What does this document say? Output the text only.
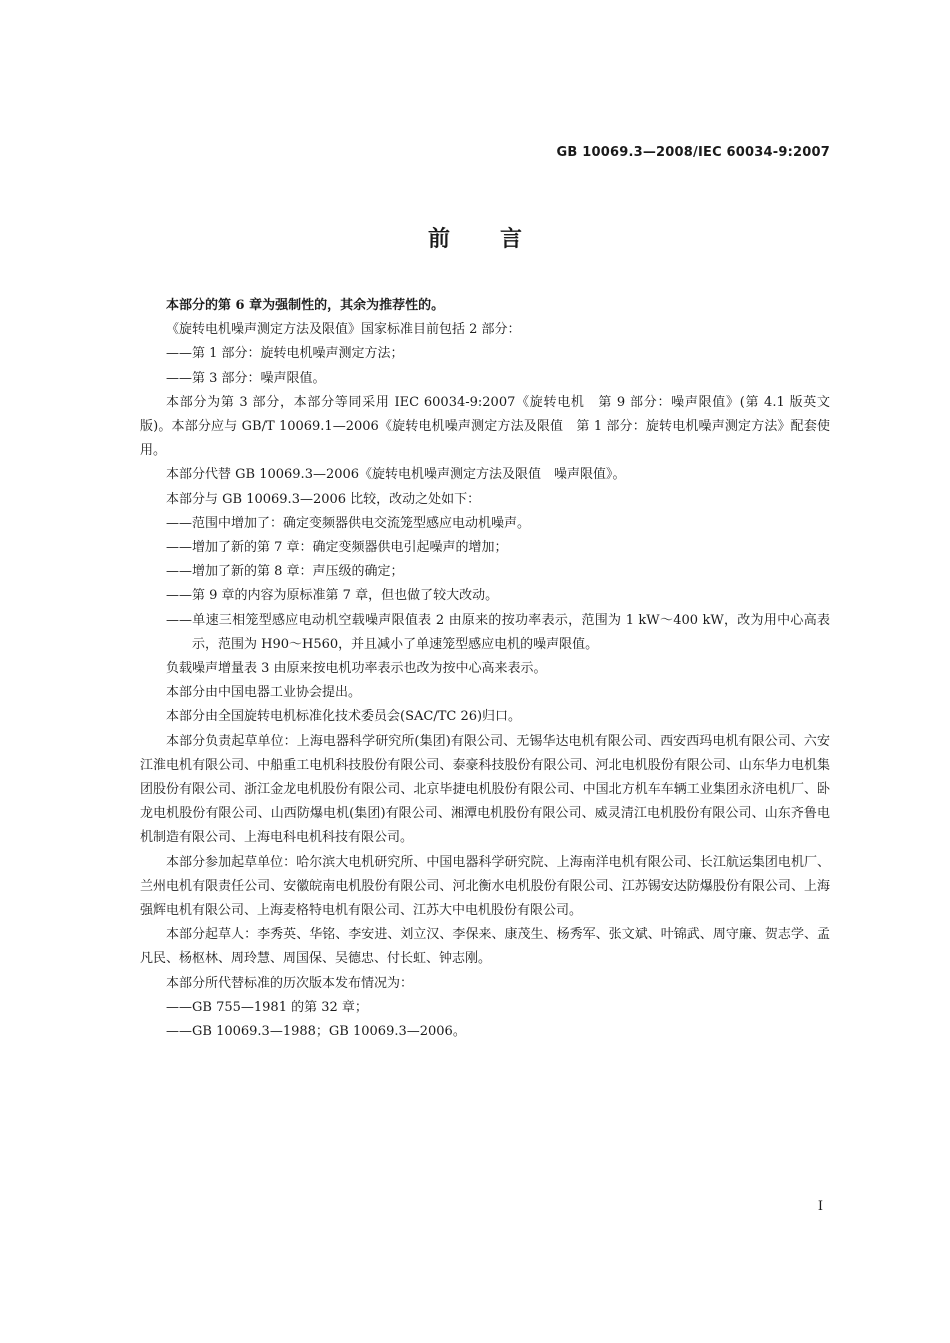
GB 10069.3—2008/IEC 60034-9:2007
前言

本部分的第 6 章为强制性的，其余为推荐性的。

《旋转电机噪声测定方法及限值》国家标准目前包括 2 部分：

——第 1 部分：旋转电机噪声测定方法；

——第 3 部分：噪声限值。

本部分为第 3 部分，本部分等同采用 IEC 60034-9:2007《旋转电机　第 9 部分：噪声限值》(第 4.1 版英文版)。本部分应与 GB/T 10069.1—2006《旋转电机噪声测定方法及限值　第 1 部分：旋转电机噪声测定方法》配套使用。

本部分代替 GB 10069.3—2006《旋转电机噪声测定方法及限值　噪声限值》。

本部分与 GB 10069.3—2006 比较，改动之处如下：

——范围中增加了：确定变频器供电交流笼型感应电动机噪声。

——增加了新的第 7 章：确定变频器供电引起噪声的增加；

——增加了新的第 8 章：声压级的确定；

——第 9 章的内容为原标准第 7 章，但也做了较大改动。

——单速三相笼型感应电动机空载噪声限值表 2 由原来的按功率表示，范围为 1 kW～400 kW，改为用中心高表示，范围为 H90～H560，并且减小了单速笼型感应电机的噪声限值。

负载噪声增量表 3 由原来按电机功率表示也改为按中心高来表示。

本部分由中国电器工业协会提出。

本部分由全国旋转电机标准化技术委员会(SAC/TC 26)归口。

本部分负责起草单位：上海电器科学研究所(集团)有限公司、无锡华达电机有限公司、西安西玛电机有限公司、六安江淮电机有限公司、中船重工电机科技股份有限公司、泰豪科技股份有限公司、河北电机股份有限公司、山东华力电机集团股份有限公司、浙江金龙电机股份有限公司、北京毕捷电机股份有限公司、中国北方机车车辆工业集团永济电机厂、卧龙电机股份有限公司、山西防爆电机(集团)有限公司、湘潭电机股份有限公司、威灵清江电机股份有限公司、山东齐鲁电机制造有限公司、上海电科电机科技有限公司。

本部分参加起草单位：哈尔滨大电机研究所、中国电器科学研究院、上海南洋电机有限公司、长江航运集团电机厂、兰州电机有限责任公司、安徽皖南电机股份有限公司、河北衡水电机股份有限公司、江苏锡安达防爆股份有限公司、上海强辉电机有限公司、上海麦格特电机有限公司、江苏大中电机股份有限公司。

本部分起草人：李秀英、华铭、李安进、刘立汉、李保来、康茂生、杨秀军、张文斌、叶锦武、周守廉、贺志学、孟凡民、杨枢林、周玲慧、周国保、吴德忠、付长虹、钟志刚。

本部分所代替标准的历次版本发布情况为：

——GB 755—1981 的第 32 章；

——GB 10069.3—1988；GB 10069.3—2006。

I
